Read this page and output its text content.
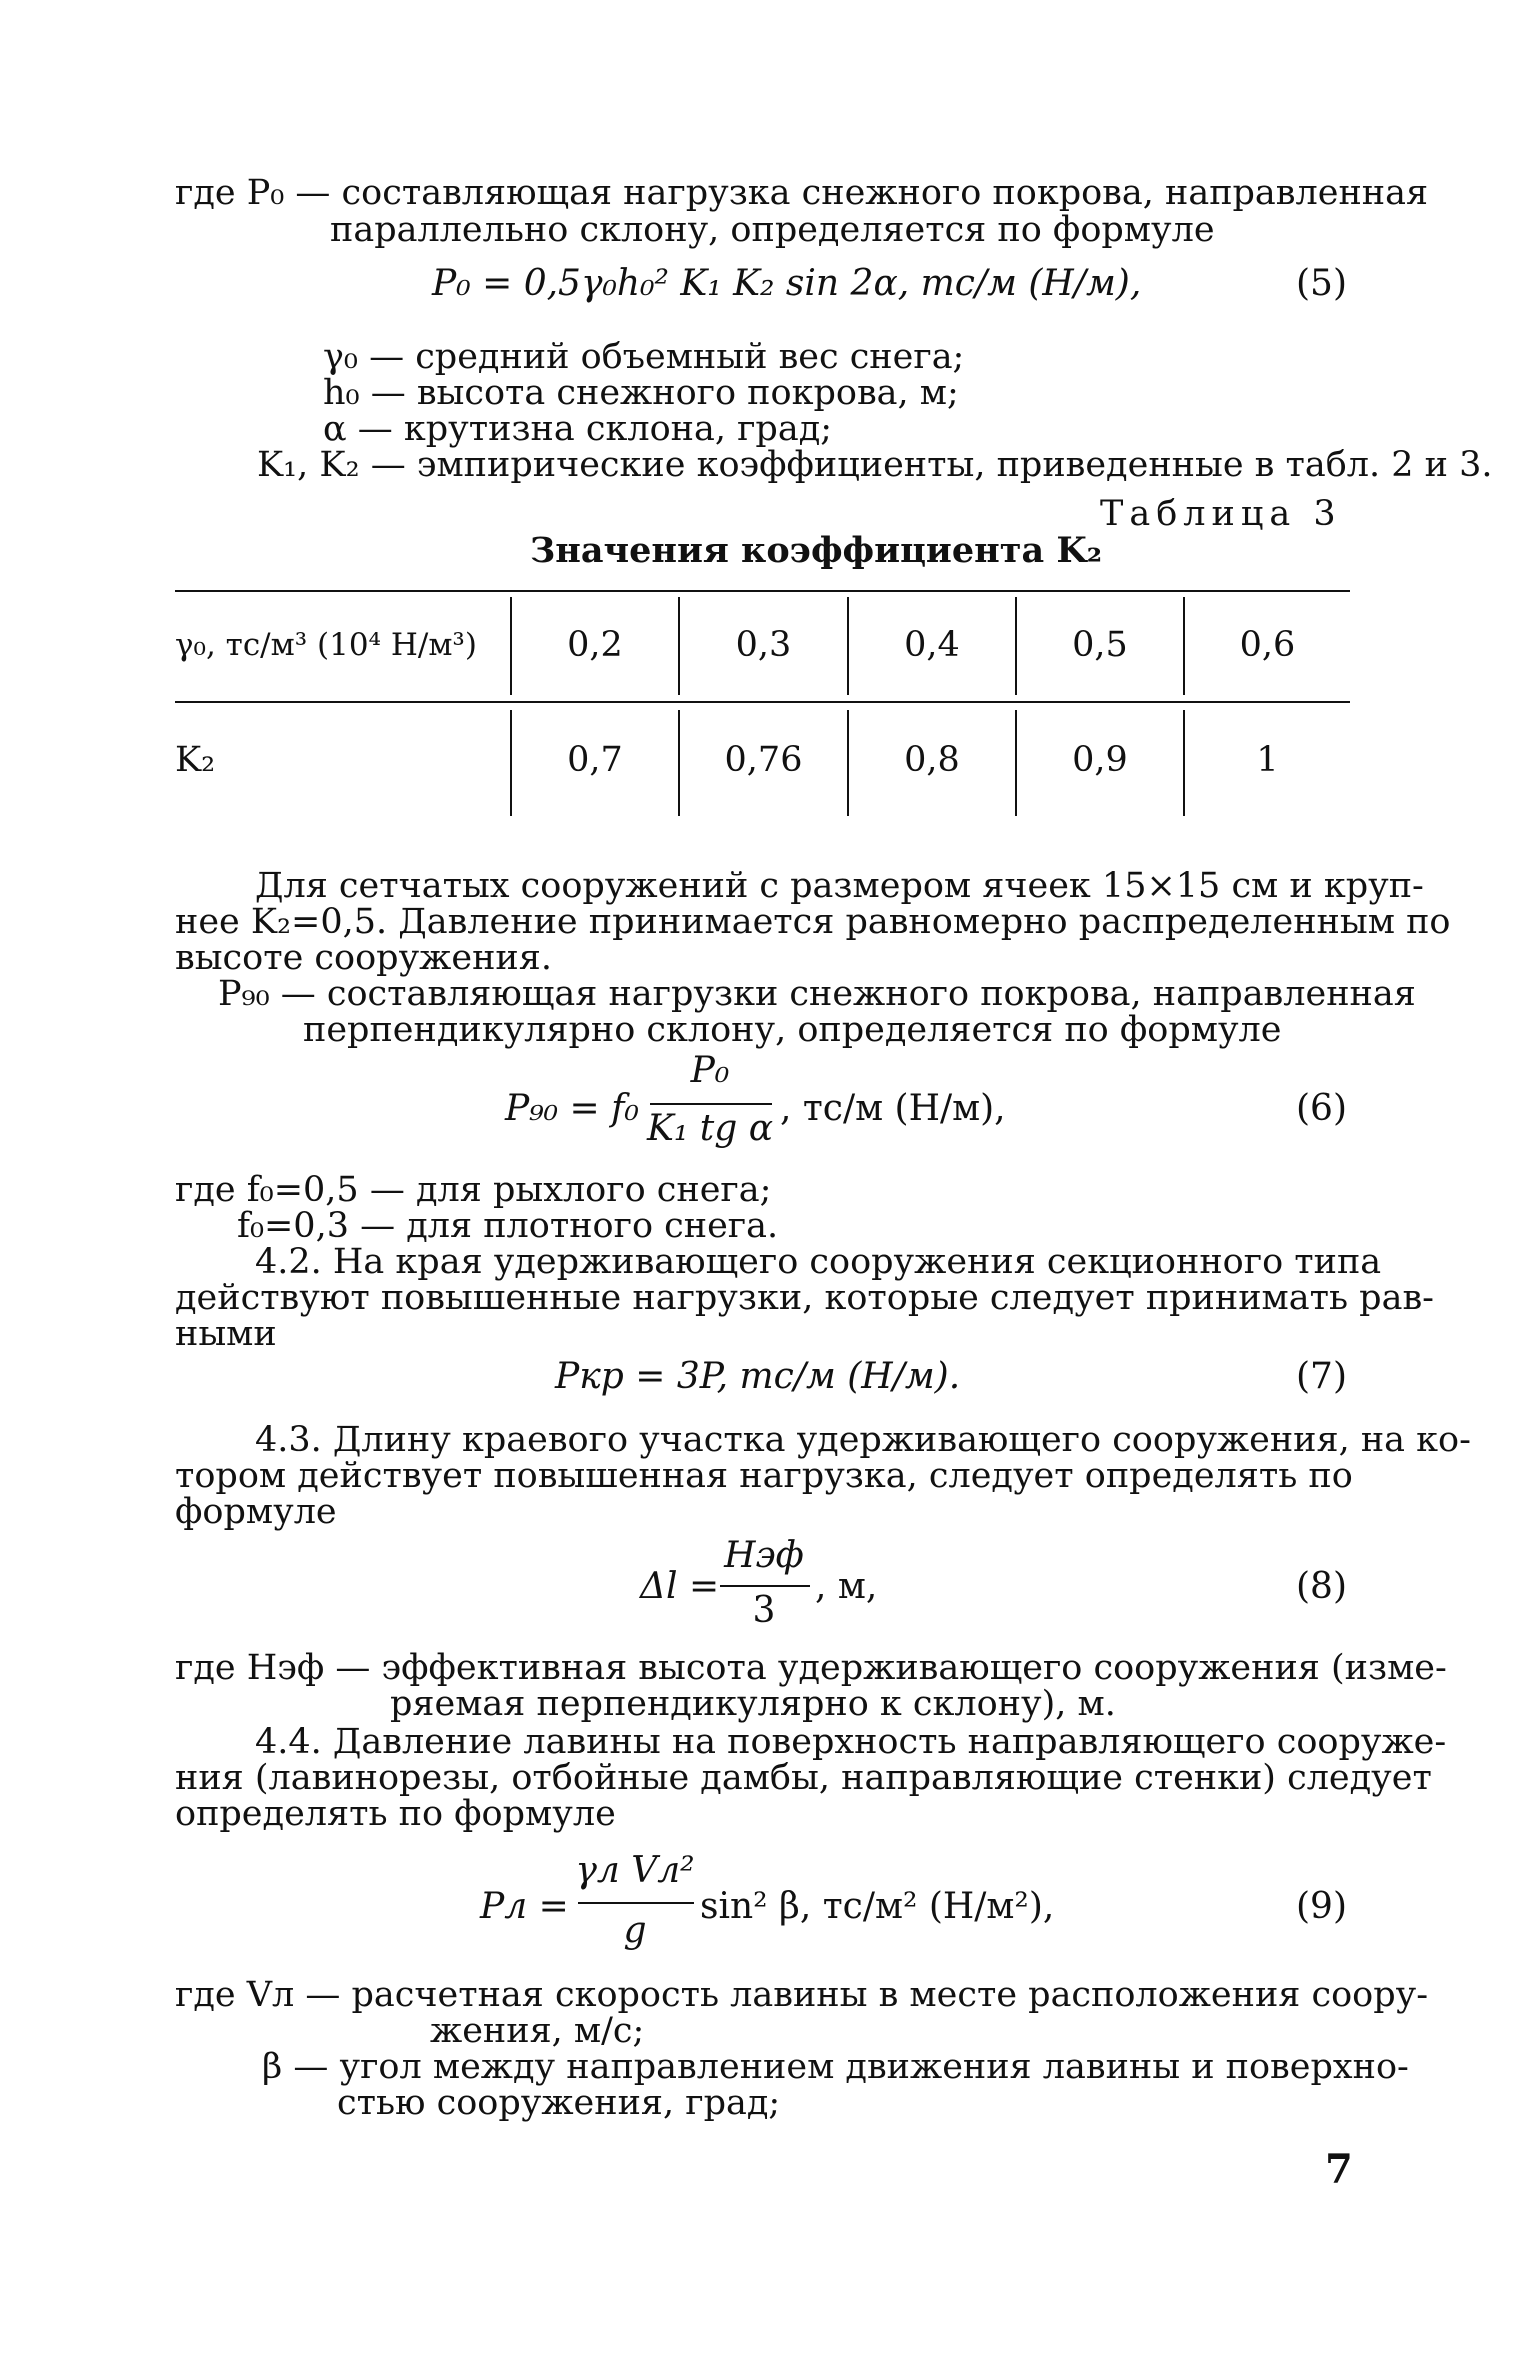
где P₀ — составляющая нагрузка снежного покрова, направленная
параллельно склону, определяется по формуле
P₀ = 0,5γ₀h₀² K₁ K₂ sin 2α, тс/м (Н/м),	(5)
γ₀ — средний объемный вес снега;
h₀ — высота снежного покрова, м;
α — крутизна склона, град;
K₁, K₂ — эмпирические коэффициенты, приведенные в табл. 2 и 3.
Таблица 3
Значения коэффициента K₂
γ₀, тс/м³ (10⁴ Н/м³)	0,2	0,3	0,4	0,5	0,6
K₂	0,7	0,76	0,8	0,9	1
Для сетчатых сооружений с размером ячеек 15×15 см и круп-
нее K₂=0,5. Давление принимается равномерно распределенным по
высоте сооружения.
P₉₀ — составляющая нагрузки снежного покрова, направленная
перпендикулярно склону, определяется по формуле
P₉₀ = f₀
P₀
K₁ tg α , тс/м (Н/м),	(6)
где f₀=0,5 — для рыхлого снега;
f₀=0,3 — для плотного снега.
4.2. На края удерживающего сооружения секционного типа
действуют повышенные нагрузки, которые следует принимать рав-
ными
Pкр = 3P, тс/м (Н/м).	(7)
4.3. Длину краевого участка удерживающего сооружения, на ко-
тором действует повышенная нагрузка, следует определять по
формуле
Δl =
Hэф
3
, м,	(8)
где Hэф — эффективная высота удерживающего сооружения (изме-
ряемая перпендикулярно к склону), м.
4.4. Давление лавины на поверхность направляющего сооруже-
ния (лавинорезы, отбойные дамбы, направляющие стенки) следует
определять по формуле
Pл =
γл Vл²
g
sin² β, тс/м² (Н/м²),	(9)
где Vл — расчетная скорость лавины в месте расположения соору-
жения, м/с;
β — угол между направлением движения лавины и поверхно-
стью сооружения, град;
7
